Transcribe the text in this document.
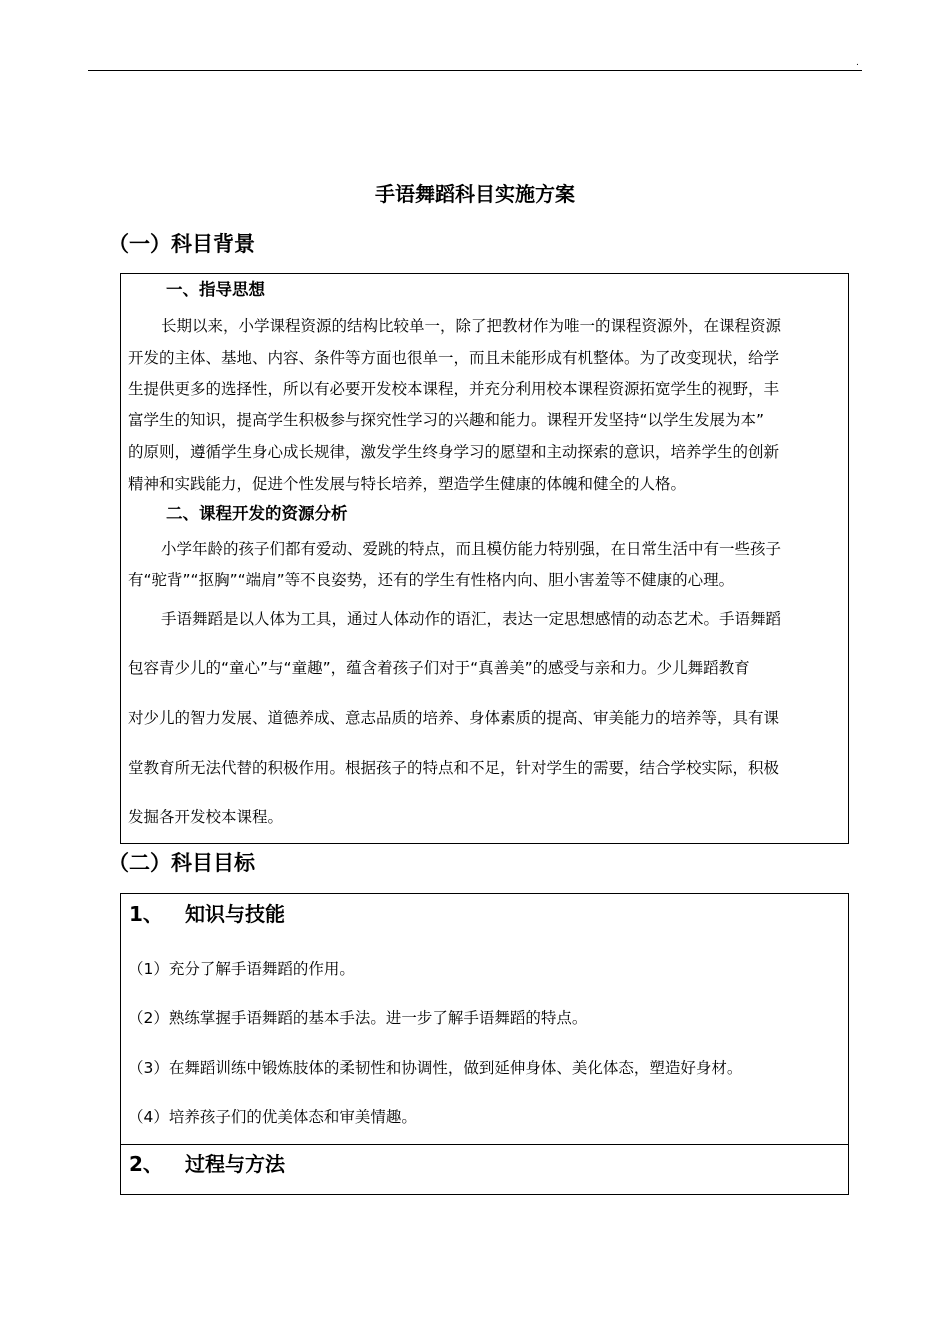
.
手语舞蹈科目实施方案
（一）科目背景
一、指导思想
长期以来，小学课程资源的结构比较单一，除了把教材作为唯一的课程资源外，在课程资源
开发的主体、基地、内容、条件等方面也很单一，而且未能形成有机整体。为了改变现状，给学
生提供更多的选择性，所以有必要开发校本课程，并充分利用校本课程资源拓宽学生的视野，丰
富学生的知识，提高学生积极参与探究性学习的兴趣和能力。课程开发坚持“以学生发展为本”
的原则，遵循学生身心成长规律，激发学生终身学习的愿望和主动探索的意识，培养学生的创新
精神和实践能力，促进个性发展与特长培养，塑造学生健康的体魄和健全的人格。
二、课程开发的资源分析
小学年龄的孩子们都有爱动、爱跳的特点，而且模仿能力特别强，在日常生活中有一些孩子
有“驼背”“抠胸”“端肩”等不良姿势，还有的学生有性格内向、胆小害羞等不健康的心理。
手语舞蹈是以人体为工具，通过人体动作的语汇，表达一定思想感情的动态艺术。手语舞蹈
包容青少儿的“童心”与“童趣”，蕴含着孩子们对于“真善美”的感受与亲和力。少儿舞蹈教育
对少儿的智力发展、道德养成、意志品质的培养、身体素质的提高、审美能力的培养等，具有课
堂教育所无法代替的积极作用。根据孩子的特点和不足，针对学生的需要，结合学校实际，积极
发掘各开发校本课程。
（二）科目目标
1、 知识与技能
（1）充分了解手语舞蹈的作用。
（2）熟练掌握手语舞蹈的基本手法。进一步了解手语舞蹈的特点。
（3）在舞蹈训练中锻炼肢体的柔韧性和协调性，做到延伸身体、美化体态，塑造好身材。
（4）培养孩子们的优美体态和审美情趣。
2、 过程与方法
